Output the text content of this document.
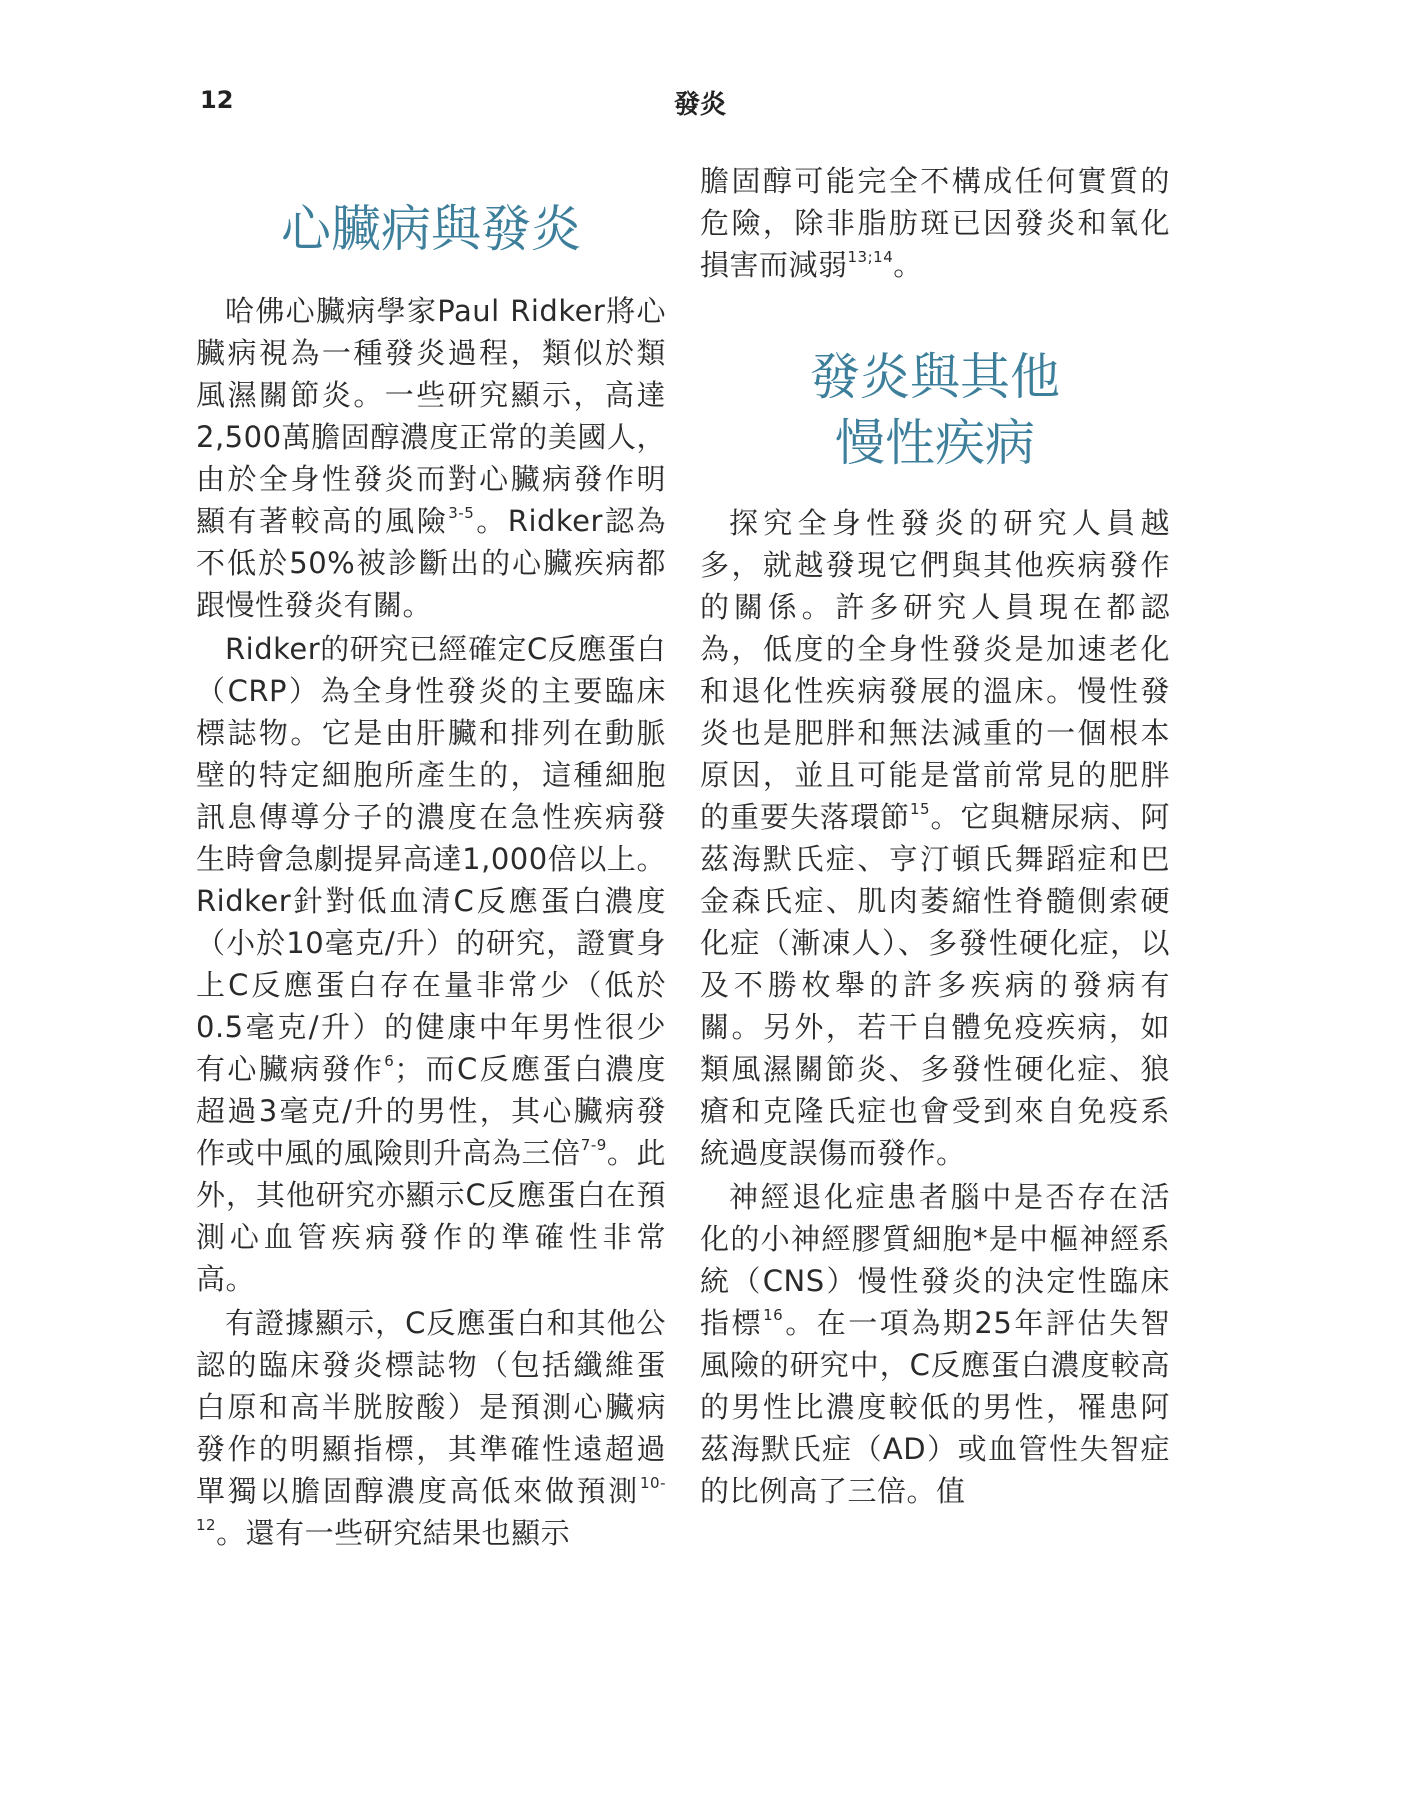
12	發炎
心臟病與發炎

哈佛心臟病學家Paul Ridker將心臟病視為一種發炎過程，類似於類風濕關節炎。一些研究顯示，高達2,500萬膽固醇濃度正常的美國人，由於全身性發炎而對心臟病發作明顯有著較高的風險$^{3-5}$。Ridker認為不低於50%被診斷出的心臟疾病都跟慢性發炎有關。

Ridker的研究已經確定C反應蛋白（CRP）為全身性發炎的主要臨床標誌物。它是由肝臟和排列在動脈壁的特定細胞所產生的，這種細胞訊息傳導分子的濃度在急性疾病發生時會急劇提昇高達1,000倍以上。Ridker針對低血清C反應蛋白濃度（小於10毫克/升）的研究，證實身上C反應蛋白存在量非常少（低於0.5毫克/升）的健康中年男性很少有心臟病發作$^6$；而C反應蛋白濃度超過3毫克/升的男性，其心臟病發作或中風的風險則升高為三倍$^{7-9}$。此外，其他研究亦顯示C反應蛋白在預測心血管疾病發作的準確性非常高。

有證據顯示，C反應蛋白和其他公認的臨床發炎標誌物（包括纖維蛋白原和高半胱胺酸）是預測心臟病發作的明顯指標，其準確性遠超過單獨以膽固醇濃度高低來做預測$^{10-12}$。還有一些研究結果也顯示

膽固醇可能完全不構成任何實質的危險，除非脂肪斑已因發炎和氧化損害而減弱$^{13;14}$。

發炎與其他
慢性疾病

探究全身性發炎的研究人員越多，就越發現它們與其他疾病發作的關係。許多研究人員現在都認為，低度的全身性發炎是加速老化和退化性疾病發展的溫床。慢性發炎也是肥胖和無法減重的一個根本原因，並且可能是當前常見的肥胖的重要失落環節$^{15}$。它與糖尿病、阿茲海默氏症、亨汀頓氏舞蹈症和巴金森氏症、肌肉萎縮性脊髓側索硬化症（漸凍人）、多發性硬化症，以及不勝枚舉的許多疾病的發病有關。另外，若干自體免疫疾病，如類風濕關節炎、多發性硬化症、狼瘡和克隆氏症也會受到來自免疫系統過度誤傷而發作。

神經退化症患者腦中是否存在活化的小神經膠質細胞*是中樞神經系統（CNS）慢性發炎的決定性臨床指標$^{16}$。在一項為期25年評估失智風險的研究中，C反應蛋白濃度較高的男性比濃度較低的男性，罹患阿茲海默氏症（AD）或血管性失智症的比例高了三倍。值
